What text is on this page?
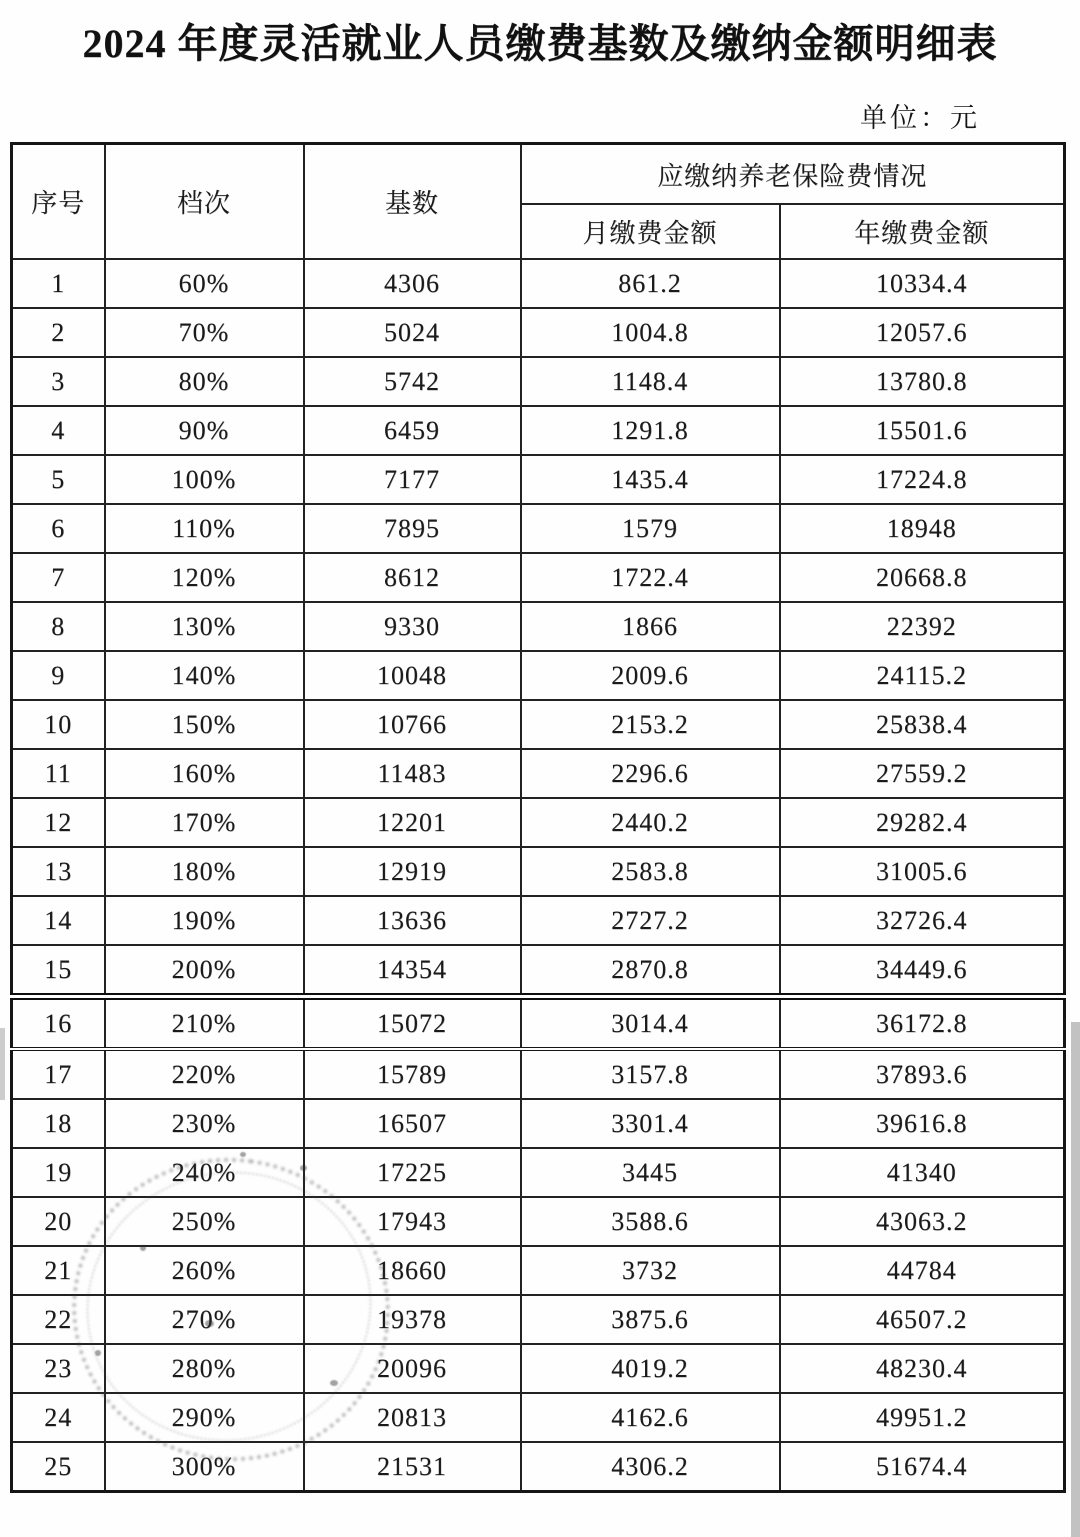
2024 年度灵活就业人员缴费基数及缴纳金额明细表
单位：元
序号	档次	基数	应缴纳养老保险费情况	
			月缴费金额	年缴费金额
1	60%	4306	861.2	10334.4
2	70%	5024	1004.8	12057.6
3	80%	5742	1148.4	13780.8
4	90%	6459	1291.8	15501.6
5	100%	7177	1435.4	17224.8
6	110%	7895	1579	18948
7	120%	8612	1722.4	20668.8
8	130%	9330	1866	22392
9	140%	10048	2009.6	24115.2
10	150%	10766	2153.2	25838.4
11	160%	11483	2296.6	27559.2
12	170%	12201	2440.2	29282.4
13	180%	12919	2583.8	31005.6
14	190%	13636	2727.2	32726.4
15	200%	14354	2870.8	34449.6
16	210%	15072	3014.4	36172.8
17	220%	15789	3157.8	37893.6
18	230%	16507	3301.4	39616.8
19	240%	17225	3445	41340
20	250%	17943	3588.6	43063.2
21	260%	18660	3732	44784
22	270%	19378	3875.6	46507.2
23	280%	20096	4019.2	48230.4
24	290%	20813	4162.6	49951.2
25	300%	21531	4306.2	51674.4
